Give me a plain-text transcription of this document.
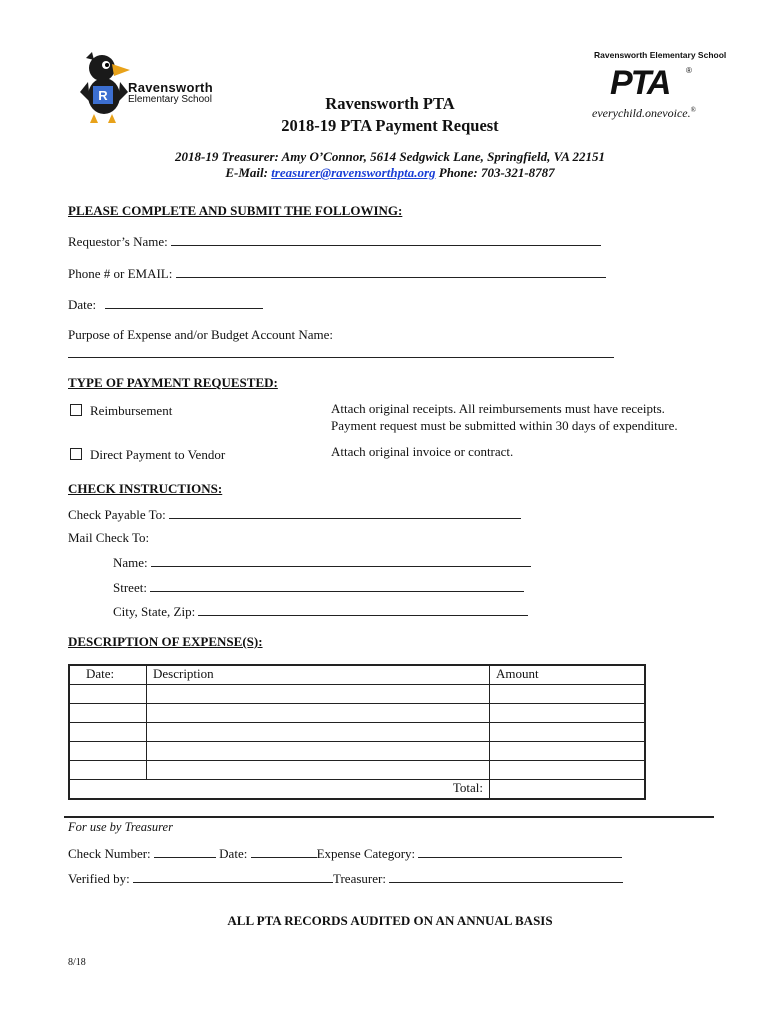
R
Ravensworth
Elementary School
Ravensworth Elementary School
PTA ®
everychild.onevoice.®
Ravensworth PTA
2018-19 PTA Payment Request
2018-19 Treasurer: Amy O’Connor, 5614 Sedgwick Lane, Springfield, VA 22151
E-Mail: treasurer@ravensworthpta.org Phone: 703-321-8787
PLEASE COMPLETE AND SUBMIT THE FOLLOWING:
Requestor’s Name:
Phone # or EMAIL:
Date:
Purpose of Expense and/or Budget Account Name:
TYPE OF PAYMENT REQUESTED:
Reimbursement	Attach original receipts. All reimbursements must have receipts. Payment request must be submitted within 30 days of expenditure.
Direct Payment to Vendor	Attach original invoice or contract.
CHECK INSTRUCTIONS:
Check Payable To:
Mail Check To:
Name:
Street:
City, State, Zip:
DESCRIPTION OF EXPENSE(S):
Date:	Description	Amount

Total:		
For use by Treasurer
Check Number:	Date:	Expense Category:
Verified by:	Treasurer:
ALL PTA RECORDS AUDITED ON AN ANNUAL BASIS
8/18
